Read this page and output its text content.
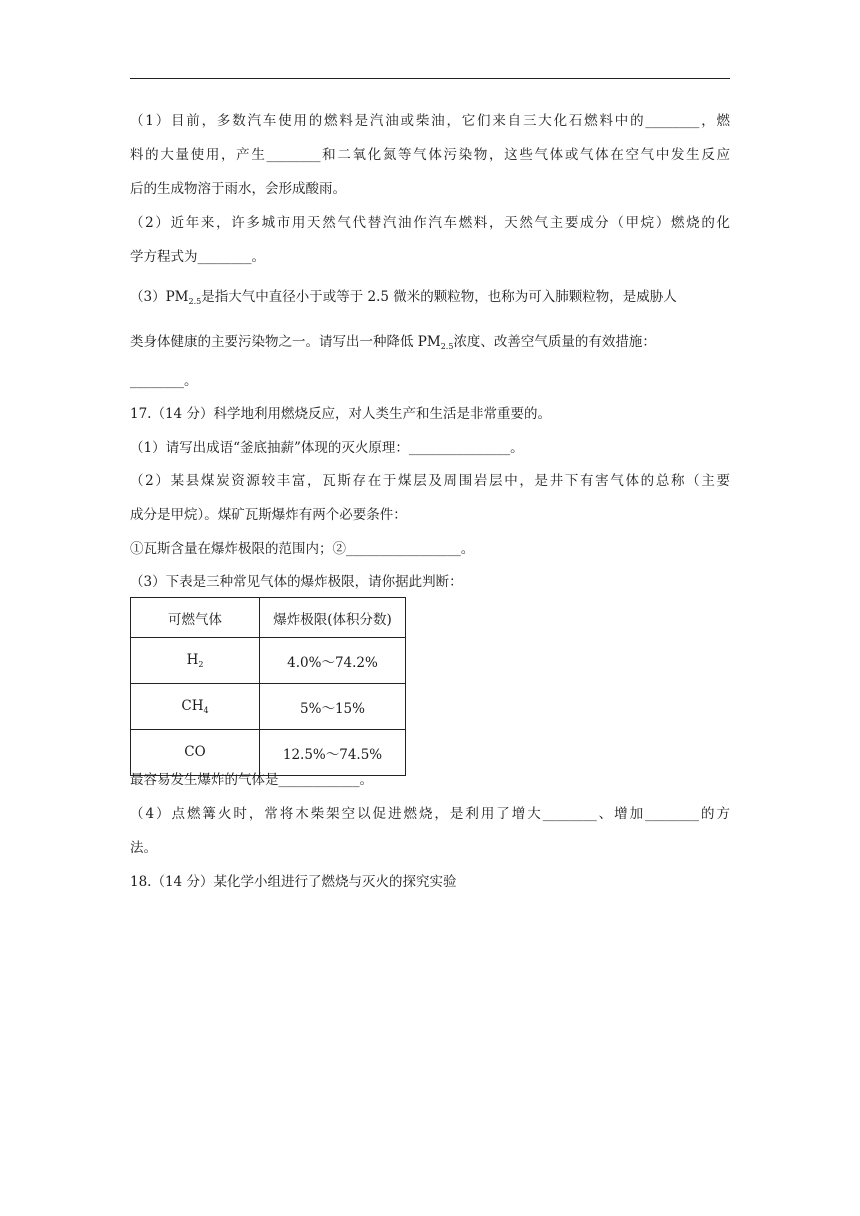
（1）目前，多数汽车使用的燃料是汽油或柴油，它们来自三大化石燃料中的________，燃
料的大量使用，产生________和二氧化氮等气体污染物，这些气体或气体在空气中发生反应
后的生成物溶于雨水，会形成酸雨。
（2）近年来，许多城市用天然气代替汽油作汽车燃料，天然气主要成分（甲烷）燃烧的化
学方程式为________。
$(3)PM_{2.5}$是指大气中直径小于或等于 2.5 微米的颗粒物，也称为可入肺颗粒物，是威胁人
类身体健康的主要污染物之一。请写出一种降低 $PM_{2.5}$浓度、改善空气质量的有效措施：
________。
17.（14 分）科学地利用燃烧反应，对人类生产和生活是非常重要的。
（1）请写出成语“釜底抽薪”体现的灭火原理：_______________。
（2）某县煤炭资源较丰富，瓦斯存在于煤层及周围岩层中，是井下有害气体的总称（主要
成分是甲烷）。煤矿瓦斯爆炸有两个必要条件：
①瓦斯含量在爆炸极限的范围内；②_________________。
（3）下表是三种常见气体的爆炸极限，请你据此判断：
可燃气体	爆炸极限(体积分数)
$H_2$	4.0%～74.2%
$CH_4$	5%～15%
CO	12.5%～74.5%
最容易发生爆炸的气体是____________。
（4）点燃篝火时，常将木柴架空以促进燃烧，是利用了增大________、增加________的方
法。
18.（14 分）某化学小组进行了燃烧与灭火的探究实验
